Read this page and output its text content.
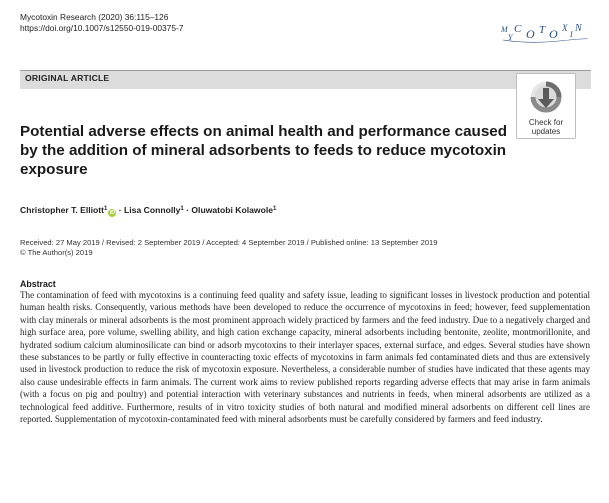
Mycotoxin Research (2020) 36:115–126
https://doi.org/10.1007/s12550-019-00375-7	M
Y
C O T O X
I
N
ORIGINAL ARTICLE
Check for
updates
Potential adverse effects on animal health and performance caused by the addition of mineral adsorbents to feeds to reduce mycotoxin exposure
Christopher T. Elliott$^1$iD · Lisa Connolly$^1$ · Oluwatobi Kolawole$^1$
Received: 27 May 2019 / Revised: 2 September 2019 / Accepted: 4 September 2019 / Published online: 13 September 2019
© The Author(s) 2019
Abstract

The contamination of feed with mycotoxins is a continuing feed quality and safety issue, leading to significant losses in livestock production and potential human health risks. Consequently, various methods have been developed to reduce the occurrence of mycotoxins in feed; however, feed supplementation with clay minerals or mineral adsorbents is the most prominent approach widely practiced by farmers and the feed industry. Due to a negatively charged and high surface area, pore volume, swelling ability, and high cation exchange capacity, mineral adsorbents including bentonite, zeolite, montmorillonite, and hydrated sodium calcium aluminosilicate can bind or adsorb mycotoxins to their interlayer spaces, external surface, and edges. Several studies have shown these substances to be partly or fully effective in counteracting toxic effects of mycotoxins in farm animals fed contaminated diets and thus are extensively used in livestock production to reduce the risk of mycotoxin exposure. Nevertheless, a considerable number of studies have indicated that these agents may also cause undesirable effects in farm animals. The current work aims to review published reports regarding adverse effects that may arise in farm animals (with a focus on pig and poultry) and potential interaction with veterinary substances and nutrients in feeds, when mineral adsorbents are utilized as a technological feed additive. Furthermore, results of in vitro toxicity studies of both natural and modified mineral adsorbents on different cell lines are reported. Supplementation of mycotoxin-contaminated feed with mineral adsorbents must be carefully considered by farmers and feed industry.
